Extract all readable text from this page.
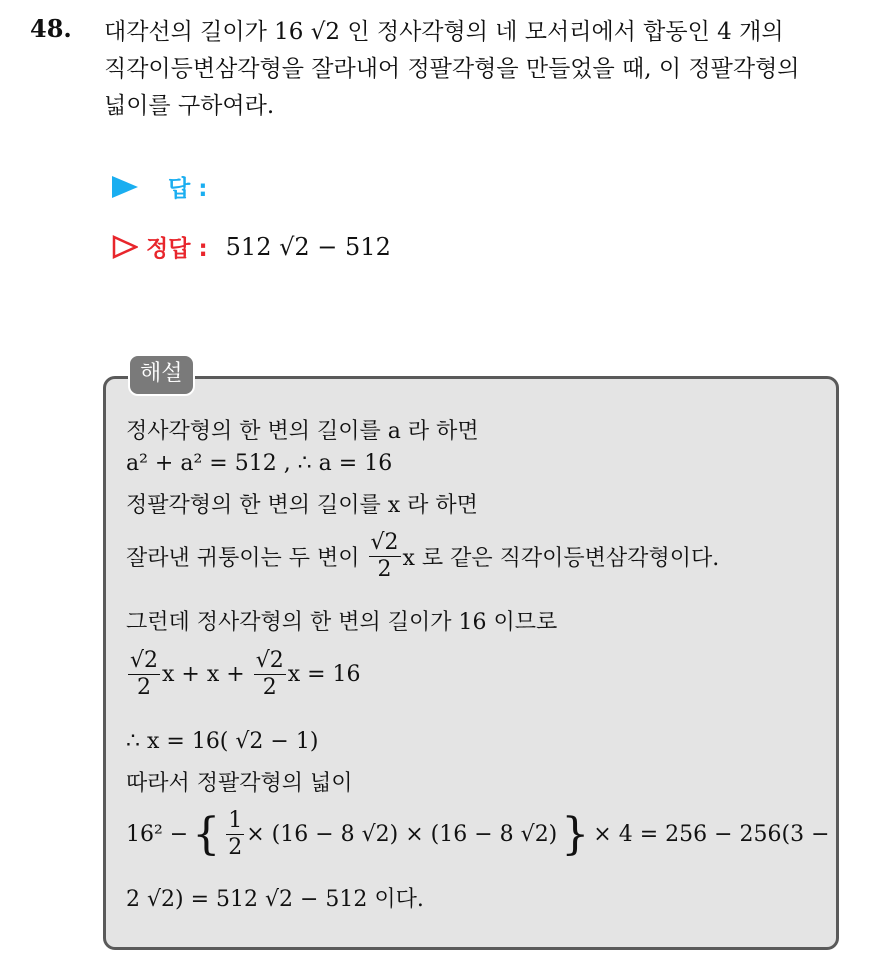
48. 대각선의 길이가 16 √2 인 정사각형의 네 모서리에서 합동인 4 개의
직각이등변삼각형을 잘라내어 정팔각형을 만들었을 때, 이 정팔각형의
넓이를 구하여라.
답 :
정답 : 512 √2 − 512
해설
정사각형의 한 변의 길이를 a 라 하면
a² + a² = 512 , ∴ a = 16
정팔각형의 한 변의 길이를 x 라 하면
잘라낸 귀퉁이는 두 변이
$\frac{√2}{2}$ x 로 같은 직각이등변삼각형이다.
그런데 정사각형의 한 변의 길이가 16 이므로
$\frac{√2}{2}$ x + x +
$\frac{√2}{2}$ x = 16
∴ x = 16( √2 − 1)
따라서 정팔각형의 넓이
16² − { $\frac{1}{2} \times (16 - 8$ √2) × (16 − 8 √2) } × 4 = 256 − 256(3 −
2 √2) = 512 √2 − 512 이다.
